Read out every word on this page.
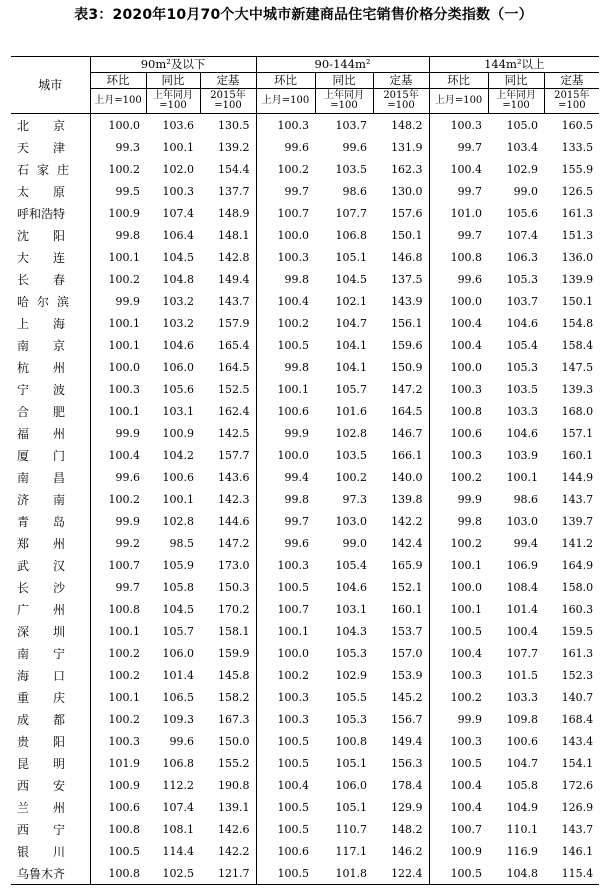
表3：2020年10月70个大中城市新建商品住宅销售价格分类指数（一）
城市	90m²及以下			90-144m²			144m²以上		
	环比	同比	定基	环比	同比	定基	环比	同比	定基
	上月=100	上年同月=100	2015年=100	上月=100	上年同月=100	2015年=100	上月=100	上年同月=100	2015年=100
北京	100.0	103.6	130.5	100.3	103.7	148.2	100.3	105.0	160.5
天津	99.3	100.1	139.2	99.6	99.6	131.9	99.7	103.4	133.5
石家庄	100.2	102.0	154.4	100.2	103.5	162.3	100.4	102.9	155.9
太原	99.5	100.3	137.7	99.7	98.6	130.0	99.7	99.0	126.5
呼和浩特	100.9	107.4	148.9	100.7	107.7	157.6	101.0	105.6	161.3
沈阳	99.8	106.4	148.1	100.0	106.8	150.1	99.7	107.4	151.3
大连	100.1	104.5	142.8	100.3	105.1	146.8	100.8	106.3	136.0
长春	100.2	104.8	149.4	99.8	104.5	137.5	99.6	105.3	139.9
哈尔滨	99.9	103.2	143.7	100.4	102.1	143.9	100.0	103.7	150.1
上海	100.1	103.2	157.9	100.2	104.7	156.1	100.4	104.6	154.8
南京	100.1	104.6	165.4	100.5	104.1	159.6	100.4	105.4	158.4
杭州	100.0	106.0	164.5	99.8	104.1	150.9	100.0	105.3	147.5
宁波	100.3	105.6	152.5	100.1	105.7	147.2	100.3	103.5	139.3
合肥	100.1	103.1	162.4	100.6	101.6	164.5	100.8	103.3	168.0
福州	99.9	100.9	142.5	99.9	102.8	146.7	100.6	104.6	157.1
厦门	100.4	104.2	157.7	100.0	103.5	166.1	100.3	103.9	160.1
南昌	99.6	100.6	143.6	99.4	100.2	140.0	100.2	100.1	144.9
济南	100.2	100.1	142.3	99.8	97.3	139.8	99.9	98.6	143.7
青岛	99.9	102.8	144.6	99.7	103.0	142.2	99.8	103.0	139.7
郑州	99.2	98.5	147.2	99.6	99.0	142.4	100.2	99.4	141.2
武汉	100.7	105.9	173.0	100.3	105.4	165.9	100.1	106.9	164.9
长沙	99.7	105.8	150.3	100.5	104.6	152.1	100.0	108.4	158.0
广州	100.8	104.5	170.2	100.7	103.1	160.1	100.1	101.4	160.3
深圳	100.1	105.7	158.1	100.1	104.3	153.7	100.5	100.4	159.5
南宁	100.2	106.0	159.9	100.0	105.3	157.0	100.4	107.7	161.3
海口	100.2	101.4	145.8	100.2	102.9	153.9	100.3	101.5	152.3
重庆	100.1	106.5	158.2	100.3	105.5	145.2	100.2	103.3	140.7
成都	100.2	109.3	167.3	100.3	105.3	156.7	99.9	109.8	168.4
贵阳	100.3	99.6	150.0	100.5	100.8	149.4	100.3	100.6	143.4
昆明	101.9	106.8	155.2	100.5	105.1	156.3	100.5	104.7	154.1
西安	100.9	112.2	190.8	100.4	106.0	178.4	100.4	105.8	172.6
兰州	100.6	107.4	139.1	100.5	105.1	129.9	100.4	104.9	126.9
西宁	100.8	108.1	142.6	100.5	110.7	148.2	100.7	110.1	143.7
银川	100.5	114.4	142.2	100.6	117.1	146.2	100.9	116.9	146.1
乌鲁木齐	100.8	102.5	121.7	100.5	101.8	122.4	100.5	104.8	115.4
